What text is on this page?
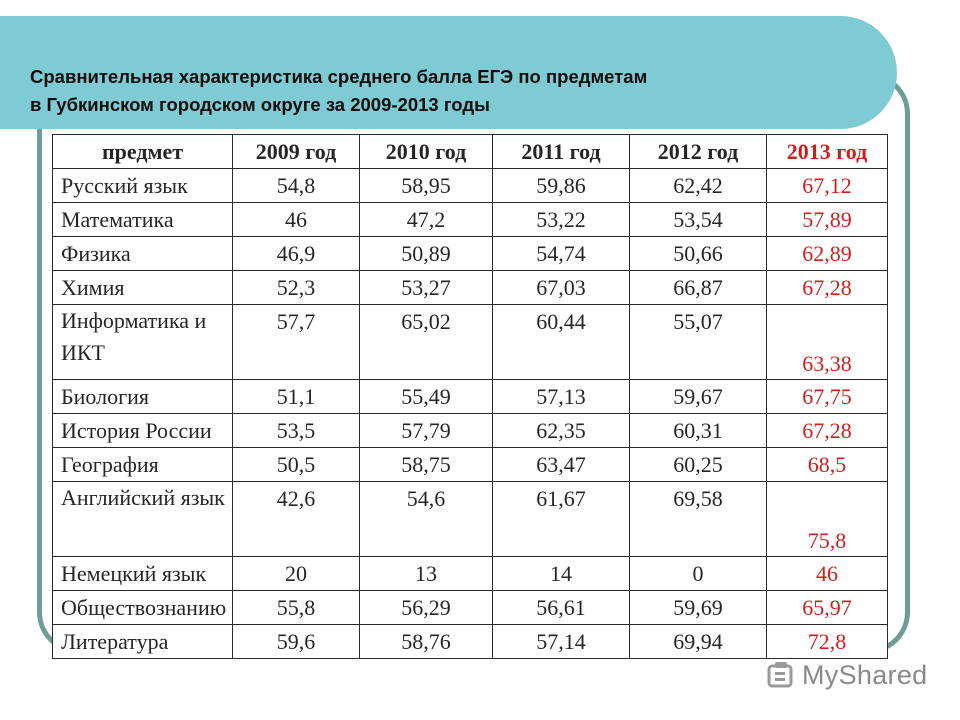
Сравнительная характеристика среднего балла ЕГЭ по предметам
в Губкинском городском округе за 2009-2013 годы
предмет	2009 год	2010 год	2011 год	2012 год	2013 год
Русский язык	54,8	58,95	59,86	62,42	67,12
Математика	46	47,2	53,22	53,54	57,89
Физика	46,9	50,89	54,74	50,66	62,89
Химия	52,3	53,27	67,03	66,87	67,28
Информатика и ИКТ	57,7	65,02	60,44	55,07	63,38
Биология	51,1	55,49	57,13	59,67	67,75
История России	53,5	57,79	62,35	60,31	67,28
География	50,5	58,75	63,47	60,25	68,5
Английский язык	42,6	54,6	61,67	69,58	75,8
Немецкий язык	20	13	14	0	46
Обществознанию	55,8	56,29	56,61	59,69	65,97
Литература	59,6	58,76	57,14	69,94	72,8
MyShared
